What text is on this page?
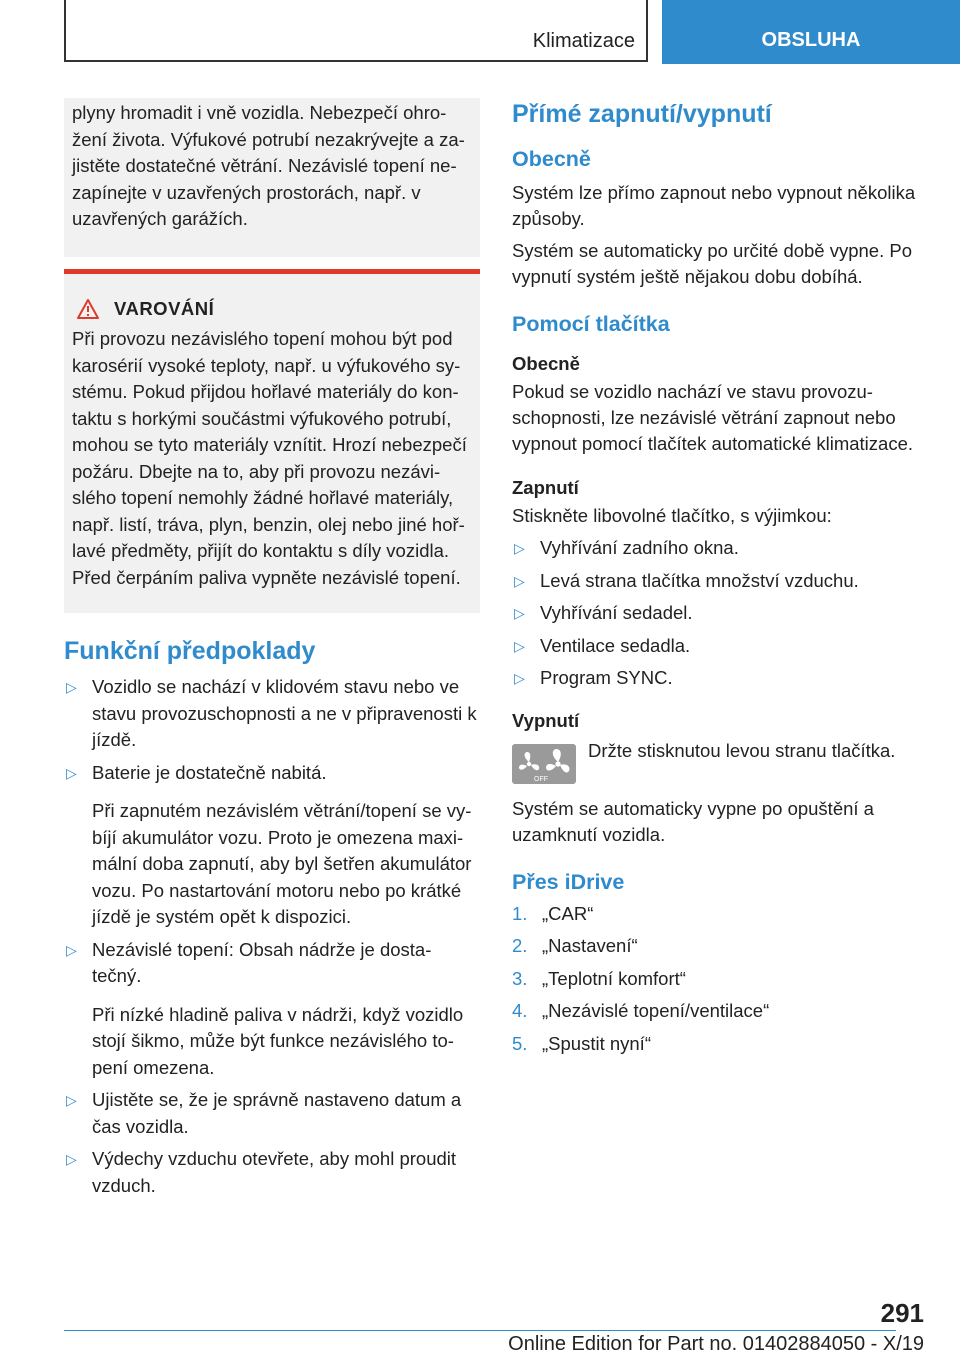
Klimatizace	OBSLUHA

plyny hromadit i vně vozidla. Nebezpečí ohro‐ žení života. Výfukové potrubí nezakrývejte a za‐ jistěte dostatečné větrání. Nezávislé topení ne‐ zapínejte v uzavřených prostorách, např. v uzavřených garážích.

VAROVÁNÍ

Při provozu nezávislého topení mohou být pod karosérií vysoké teploty, např. u výfukového sy‐ stému. Pokud přijdou hořlavé materiály do kon‐ taktu s horkými součástmi výfukového potrubí, mohou se tyto materiály vznítit. Hrozí nebezpečí požáru. Dbejte na to, aby při provozu nezávi‐ slého topení nemohly žádné hořlavé materiály, např. listí, tráva, plyn, benzin, olej nebo jiné hoř‐ lavé předměty, přijít do kontaktu s díly vozidla. Před čerpáním paliva vypněte nezávislé topení.

Funkční předpoklady
▷ Vozidlo se nachází v klidovém stavu nebo ve stavu provozuschopnosti a ne v připravenosti k jízdě.
▷ Baterie je dostatečně nabitá.
Při zapnutém nezávislém větrání/topení se vy‐ bíjí akumulátor vozu. Proto je omezena maxi‐ mální doba zapnutí, aby byl šetřen akumulátor vozu. Po nastartování motoru nebo po krátké jízdě je systém opět k dispozici.
▷ Nezávislé topení: Obsah nádrže je dosta‐ tečný.
Při nízké hladině paliva v nádrži, když vozidlo stojí šikmo, může být funkce nezávislého to‐ pení omezena.
▷ Ujistěte se, že je správně nastaveno datum a čas vozidla.
▷ Výdechy vzduchu otevřete, aby mohl proudit vzduch.
Přímé zapnutí/vypnutí
Obecně

Systém lze přímo zapnout nebo vypnout několika způsoby.

Systém se automaticky po určité době vypne. Po vypnutí systém ještě nějakou dobu dobíhá.

Pomocí tlačítka
Obecně

Pokud se vozidlo nachází ve stavu provozu‐ schopnosti, lze nezávislé větrání zapnout nebo vypnout pomocí tlačítek automatické klimatizace.

Zapnutí

Stiskněte libovolné tlačítko, s výjimkou:

▷ Vyhřívání zadního okna.
▷ Levá strana tlačítka množství vzduchu.
▷ Vyhřívání sedadel.
▷ Ventilace sedadla.
▷ Program SYNC.
Vypnutí
OFF

Držte stisknutou levou stranu tlačítka.

Systém se automaticky vypne po opuštění a uzamknutí vozidla.

Přes iDrive
1. „CAR“
2. „Nastavení“
3. „Teplotní komfort“
4. „Nezávislé topení/ventilace“
5. „Spustit nyní“
291
Online Edition for Part no. 01402884050 - X/19
